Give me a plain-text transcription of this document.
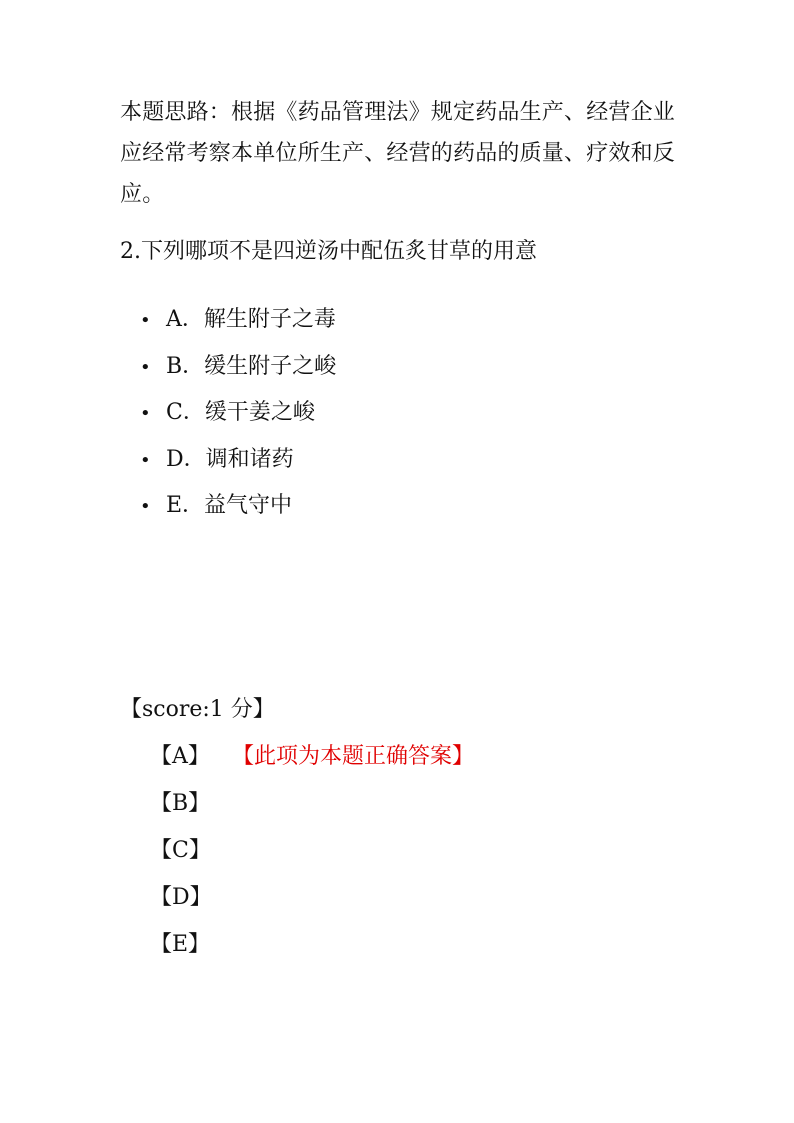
本题思路：根据《药品管理法》规定药品生产、经营企业应经常考察本单位所生产、经营的药品的质量、疗效和反应。

2.下列哪项不是四逆汤中配伍炙甘草的用意

• A．解生附子之毒
• B．缓生附子之峻
• C．缓干姜之峻
• D．调和诸药
• E．益气守中

【score:1 分】

【A】 【此项为本题正确答案】
【B】
【C】
【D】
【E】
